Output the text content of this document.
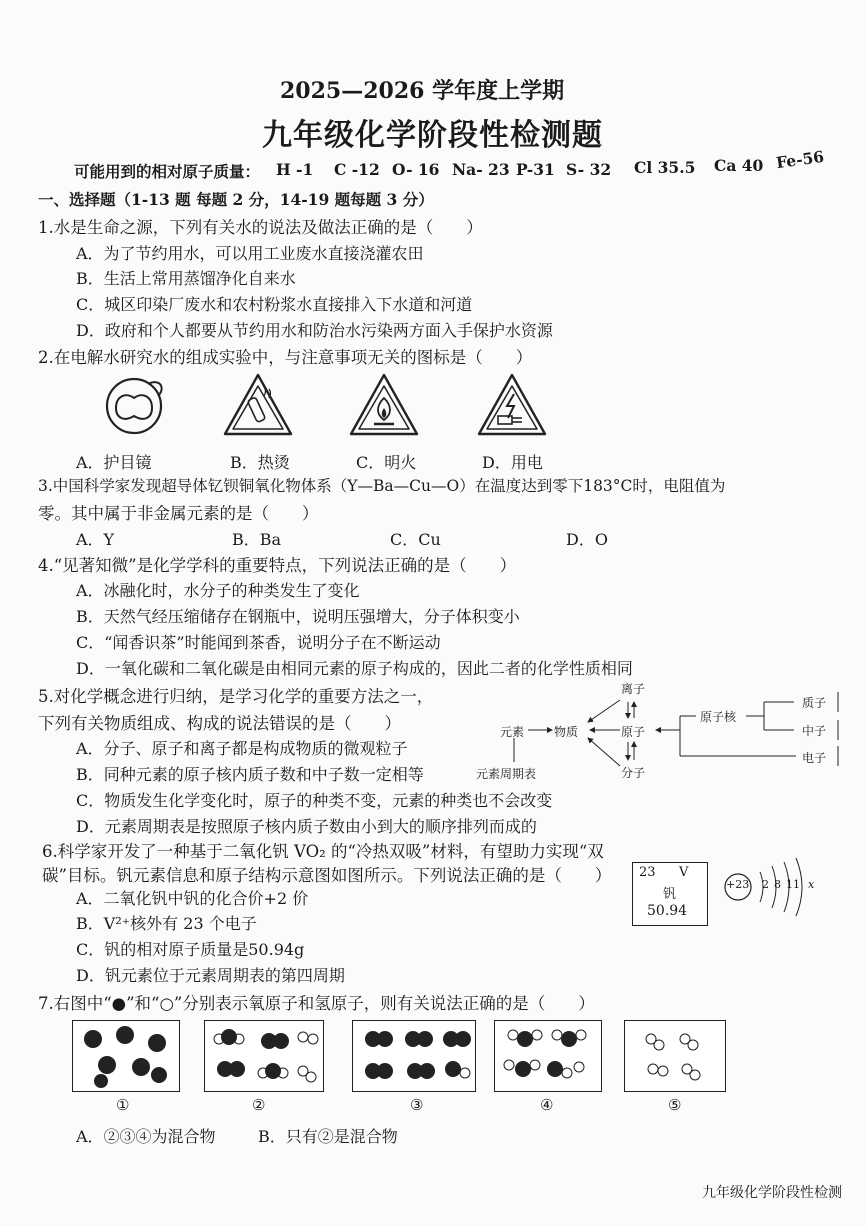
2025—2026 学年度上学期
九年级化学阶段性检测题
可能用到的相对原子质量： H -1 C -12 O- 16 Na- 23 P-31 S- 32 Cl 35.5 Ca 40 Fe-56
一、选择题（1-13 题 每题 2 分，14-19 题每题 3 分）
1.水是生命之源，下列有关水的说法及做法正确的是（　　）
A．为了节约用水，可以用工业废水直接浇灌农田
B．生活上常用蒸馏净化自来水
C．城区印染厂废水和农村粉浆水直接排入下水道和河道
D．政府和个人都要从节约用水和防治水污染两方面入手保护水资源
2.在电解水研究水的组成实验中，与注意事项无关的图标是（　　）
A．护目镜	B．热烫	C．明火	D．用电
3.中国科学家发现超导体钇钡铜氧化物体系（Y—Ba—Cu—O）在温度达到零下183°C时，电阻值为
零。其中属于非金属元素的是（　　）
A．Y	B．Ba	C．Cu	D．O
4.“见著知微”是化学学科的重要特点，下列说法正确的是（　　）
A．冰融化时，水分子的种类发生了变化
B．天然气经压缩储存在钢瓶中，说明压强增大，分子体积变小
C．“闻香识茶”时能闻到茶香，说明分子在不断运动
D．一氧化碳和二氧化碳是由相同元素的原子构成的，因此二者的化学性质相同
5.对化学概念进行归纳，是学习化学的重要方法之一，
下列有关物质组成、构成的说法错误的是（　　）
A．分子、原子和离子都是构成物质的微观粒子
B．同种元素的原子核内质子数和中子数一定相等
C．物质发生化学变化时，原子的种类不变，元素的种类也不会改变
D．元素周期表是按照原子核内质子数由小到大的顺序排列而成的
离子
元素 物质	原子
分子
原子核
质子
中子
电子
元素周期表
6.科学家开发了一种基于二氧化钒 VO₂ 的“冷热双吸”材料，有望助力实现“双
碳”目标。钒元素信息和原子结构示意图如图所示。下列说法正确的是（　　）
A．二氧化钒中钒的化合价+2 价
B．V²⁺核外有 23 个电子
C．钒的相对原子质量是50.94g
D．钒元素位于元素周期表的第四周期
23 V
钒
50.94
+23 2 8 11 x
7.右图中“●”和“○”分别表示氧原子和氢原子，则有关说法正确的是（　　）
①	②	③	④	⑤
A．②③④为混合物	B．只有②是混合物
九年级化学阶段性检测
